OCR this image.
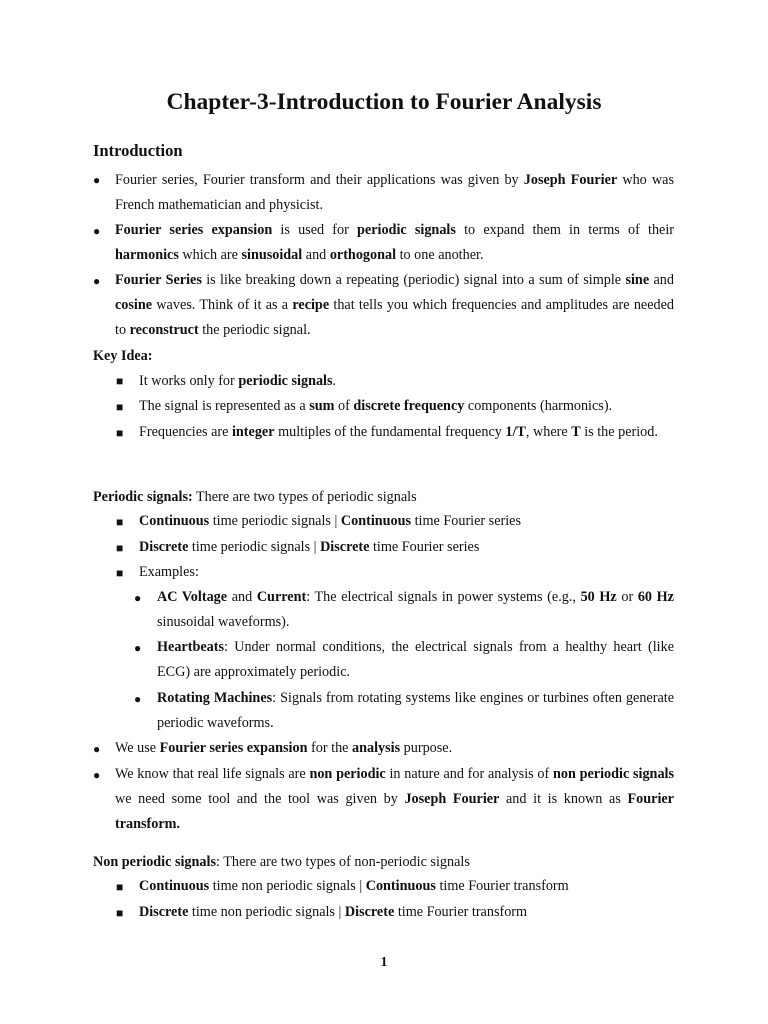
Chapter-3-Introduction to Fourier Analysis
Introduction
● Fourier series, Fourier transform and their applications was given by Joseph Fourier who was French mathematician and physicist.

● Fourier series expansion is used for periodic signals to expand them in terms of their harmonics which are sinusoidal and orthogonal to one another.

● Fourier Series is like breaking down a repeating (periodic) signal into a sum of simple sine and cosine waves. Think of it as a recipe that tells you which frequencies and amplitudes are needed to reconstruct the periodic signal.

Key Idea:

■ It works only for periodic signals.

■ The signal is represented as a sum of discrete frequency components (harmonics).

■ Frequencies are integer multiples of the fundamental frequency 1/T, where T is the period.

Periodic signals: There are two types of periodic signals

■ Continuous time periodic signals | Continuous time Fourier series

■ Discrete time periodic signals | Discrete time Fourier series

■ Examples:

● AC Voltage and Current: The electrical signals in power systems (e.g., 50 Hz or 60 Hz sinusoidal waveforms).

● Heartbeats: Under normal conditions, the electrical signals from a healthy heart (like ECG) are approximately periodic.

● Rotating Machines: Signals from rotating systems like engines or turbines often generate periodic waveforms.

● We use Fourier series expansion for the analysis purpose.

● We know that real life signals are non periodic in nature and for analysis of non periodic signals we need some tool and the tool was given by Joseph Fourier and it is known as Fourier transform.

Non periodic signals: There are two types of non-periodic signals

■ Continuous time non periodic signals | Continuous time Fourier transform

■ Discrete time non periodic signals | Discrete time Fourier transform

1
